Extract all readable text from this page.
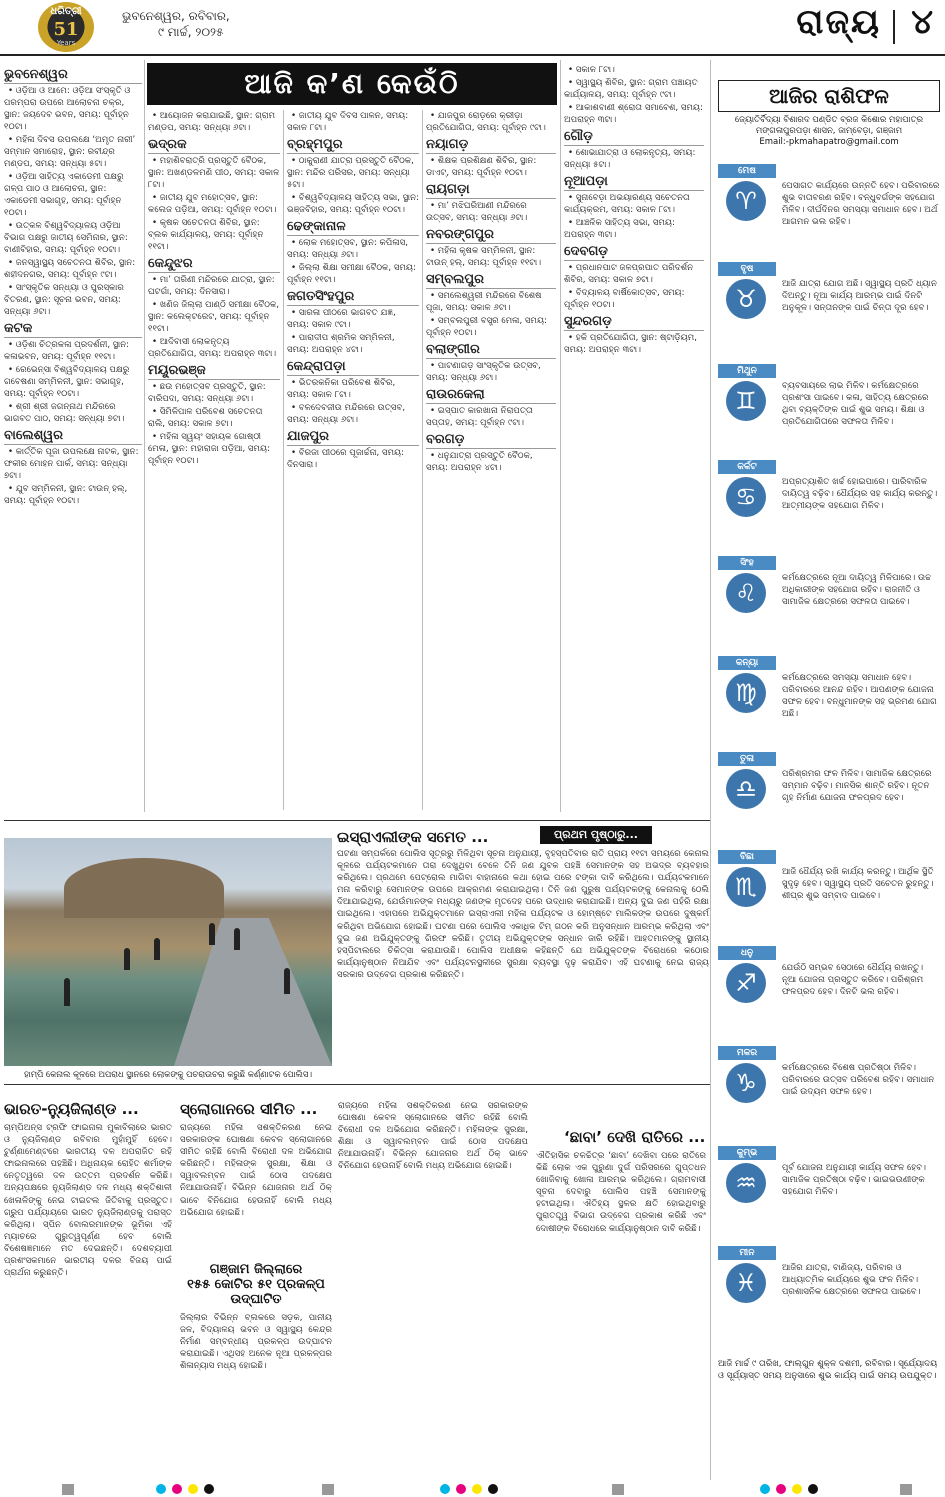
ଧରିତ୍ରୀ
51
Years
ଭୁବନେଶ୍ୱର, ରବିବାର,
୯ ମାର୍ଚ୍ଚ, ୨୦୨୫	ରାଜ୍ୟ ୪
ଆଜି କ’ଣ କେଉଁଠି
ଭୁବନେଶ୍ୱର

• ଓଡ଼ିଆ ଓ ଆମେ: ଓଡ଼ିଆ ସଂସ୍କୃତି ଓ ପରମ୍ପରା ଉପରେ ଆଲୋଚନା ଚକ୍ର, ସ୍ଥାନ: ଜୟଦେବ ଭବନ, ସମୟ: ପୂର୍ବାହ୍ନ ୧୦ଟା।

• ମହିଳା ଦିବସ ଉପଲକ୍ଷେ ‘ଅମୃତ ନାରୀ’ ସମ୍ମାନ ସମାରୋହ, ସ୍ଥାନ: ରବୀନ୍ଦ୍ର ମଣ୍ଡପ, ସମୟ: ସନ୍ଧ୍ୟା ୫ଟା।

• ଓଡ଼ିଆ ସାହିତ୍ୟ ଏକାଡେମୀ ପକ୍ଷରୁ ଗଳ୍ପ ପାଠ ଓ ଆଲୋଚନା, ସ୍ଥାନ: ଏକାଡେମୀ ସଭାଗୃହ, ସମୟ: ପୂର୍ବାହ୍ନ ୧୦ଟା।

• ଉତ୍କଳ ବିଶ୍ୱବିଦ୍ୟାଳୟ ଓଡ଼ିଆ ବିଭାଗ ପକ୍ଷରୁ ଜାତୀୟ ସେମିନାର, ସ୍ଥାନ: ବାଣୀବିହାର, ସମୟ: ପୂର୍ବାହ୍ନ ୧୦ଟା।

• ଜନସ୍ୱାସ୍ଥ୍ୟ ସଚେତନତା ଶିବିର, ସ୍ଥାନ: ଶହୀଦନଗର, ସମୟ: ପୂର୍ବାହ୍ନ ୯ଟା।

• ସାଂସ୍କୃତିକ ସନ୍ଧ୍ୟା ଓ ପୁରସ୍କାର ବିତରଣ, ସ୍ଥାନ: ସୂଚନା ଭବନ, ସମୟ: ସନ୍ଧ୍ୟା ୬ଟା।

କଟକ

• ଓଡ଼ିଶା ଚିତ୍ରକଳା ପ୍ରଦର୍ଶନୀ, ସ୍ଥାନ: କଳାଭବନ, ସମୟ: ପୂର୍ବାହ୍ନ ୧୧ଟା।

• ରେଭେନ୍ସା ବିଶ୍ୱବିଦ୍ୟାଳୟ ପକ୍ଷରୁ ଗବେଷଣା ସମ୍ମିଳନୀ, ସ୍ଥାନ: ସଭାଗୃହ, ସମୟ: ପୂର୍ବାହ୍ନ ୧୦ଟା।

• ଶ୍ରୀ ଶ୍ରୀ ଜଗନ୍ନାଥ ମନ୍ଦିରରେ ଭାଗବତ ପାଠ, ସମୟ: ସନ୍ଧ୍ୟା ୭ଟା।

ବାଲେଶ୍ୱର

• କାର୍ତ୍ତିକ ପୂଜା ଉପଲକ୍ଷେ ନାଟକ, ସ୍ଥାନ: ଫକୀର ମୋହନ ପାର୍କ, ସମୟ: ସନ୍ଧ୍ୟା ୭ଟା।

• ଯୁବ ସମ୍ମିଳନୀ, ସ୍ଥାନ: ଟାଉନ୍ ହଲ୍, ସମୟ: ପୂର୍ବାହ୍ନ ୧୦ଟା।

• ଆୟୋଜନ କରାଯାଇଛି, ସ୍ଥାନ: ଗ୍ରାମ ମଣ୍ଡପ, ସମୟ: ସନ୍ଧ୍ୟା ୬ଟା।

ଭଦ୍ରକ

• ମହାଶିବରାତ୍ରି ପ୍ରସ୍ତୁତି ବୈଠକ, ସ୍ଥାନ: ଅଖଣ୍ଡଳମଣି ପୀଠ, ସମୟ: ସକାଳ ୮ଟା।

• ଜାତୀୟ ଯୁବ ମହୋତ୍ସବ, ସ୍ଥାନ: କଲେଜ ପଡ଼ିଆ, ସମୟ: ପୂର୍ବାହ୍ନ ୧୦ଟା।

• କୃଷକ ସଚେତନତା ଶିବିର, ସ୍ଥାନ: ବ୍ଲକ କାର୍ଯ୍ୟାଳୟ, ସମୟ: ପୂର୍ବାହ୍ନ ୧୧ଟା।

କେନ୍ଦୁଝର

• ମା’ ତାରିଣୀ ମନ୍ଦିରରେ ଯାତ୍ରା, ସ୍ଥାନ: ଘଟଗାଁ, ସମୟ: ଦିନସାରା।

• ଖଣିଜ ଜିଲ୍ଲା ପାଣ୍ଠି ସମୀକ୍ଷା ବୈଠକ, ସ୍ଥାନ: କଲେକ୍ଟରେଟ, ସମୟ: ପୂର୍ବାହ୍ନ ୧୧ଟା।

• ଆଦିବାସୀ ଲୋକନୃତ୍ୟ ପ୍ରତିଯୋଗିତା, ସମୟ: ଅପରାହ୍ନ ୩ଟା।

ମୟୂରଭଞ୍ଜ

• ଛଉ ମହୋତ୍ସବ ପ୍ରସ୍ତୁତି, ସ୍ଥାନ: ବାରିପଦା, ସମୟ: ସନ୍ଧ୍ୟା ୬ଟା।

• ସିମିଳିପାଳ ପରିବେଶ ସଚେତନତା ରାଲି, ସମୟ: ସକାଳ ୭ଟା।

• ମହିଳା ସ୍ୱୟଂ ସହାୟକ ଗୋଷ୍ଠୀ ମେଳା, ସ୍ଥାନ: ମହାରାଜା ପଡ଼ିଆ, ସମୟ: ପୂର୍ବାହ୍ନ ୧୦ଟା।

• ଜାତୀୟ ଯୁବ ଦିବସ ପାଳନ, ସମୟ: ସକାଳ ୮ଟା।

ବ୍ରହ୍ମପୁର

• ଠାକୁରାଣୀ ଯାତ୍ରା ପ୍ରସ୍ତୁତି ବୈଠକ, ସ୍ଥାନ: ମନ୍ଦିର ପରିସର, ସମୟ: ସନ୍ଧ୍ୟା ୫ଟା।

• ବିଶ୍ୱବିଦ୍ୟାଳୟ ସାହିତ୍ୟ ସଭା, ସ୍ଥାନ: ଭଞ୍ଜବିହାର, ସମୟ: ପୂର୍ବାହ୍ନ ୧୦ଟା।

ଢେଙ୍କାନାଳ

• ଲୋକ ମହୋତ୍ସବ, ସ୍ଥାନ: କପିଳାସ, ସମୟ: ସନ୍ଧ୍ୟା ୬ଟା।

• ଜିଲ୍ଲା ଶିକ୍ଷା ସମୀକ୍ଷା ବୈଠକ, ସମୟ: ପୂର୍ବାହ୍ନ ୧୧ଟା।

ଜଗତସିଂହପୁର

• ସାରଳା ପୀଠରେ ଭାଗବତ ଯଜ୍ଞ, ସମୟ: ସକାଳ ୯ଟା।

• ପାରାଦୀପ ଶ୍ରମିକ ସମ୍ମିଳନୀ, ସମୟ: ଅପରାହ୍ନ ୪ଟା।

କେନ୍ଦ୍ରାପଡ଼ା

• ଭିତରକନିକା ପରିବେଶ ଶିବିର, ସମୟ: ସକାଳ ୮ଟା।

• ବଳଦେବଜୀଉ ମନ୍ଦିରରେ ଉତ୍ସବ, ସମୟ: ସନ୍ଧ୍ୟା ୬ଟା।

ଯାଜପୁର

• ବିରଜା ପୀଠରେ ପୂଜାର୍ଚ୍ଚନା, ସମୟ: ଦିନସାରା।

• ଯାଜପୁର ରୋଡ଼ରେ କ୍ରୀଡ଼ା ପ୍ରତିଯୋଗିତା, ସମୟ: ପୂର୍ବାହ୍ନ ୯ଟା।

ନୟାଗଡ଼

• ଶିକ୍ଷକ ପ୍ରଶିକ୍ଷଣ ଶିବିର, ସ୍ଥାନ: ଡାଏଟ୍, ସମୟ: ପୂର୍ବାହ୍ନ ୧୦ଟା।

ରାୟଗଡ଼ା

• ମା’ ମଝିଘରିଆଣୀ ମନ୍ଦିରରେ ଉତ୍ସବ, ସମୟ: ସନ୍ଧ୍ୟା ୬ଟା।

ନବରଙ୍ଗପୁର

• ମହିଳା କୃଷକ ସମ୍ମିଳନୀ, ସ୍ଥାନ: ଟାଉନ୍ ହଲ୍, ସମୟ: ପୂର୍ବାହ୍ନ ୧୧ଟା।

ସମ୍ବଲପୁର

• ସମଲେଶ୍ୱରୀ ମନ୍ଦିରରେ ବିଶେଷ ପୂଜା, ସମୟ: ସକାଳ ୬ଟା।

• ସମ୍ବଲପୁରୀ ବସ୍ତ୍ର ମେଳା, ସମୟ: ପୂର୍ବାହ୍ନ ୧୦ଟା।

ବଲାଙ୍ଗୀର

• ପାଟଣାଗଡ଼ ସାଂସ୍କୃତିକ ଉତ୍ସବ, ସମୟ: ସନ୍ଧ୍ୟା ୬ଟା।

ରାଉରକେଲା

• ଇସ୍ପାତ କାରଖାନା ନିରାପତ୍ତା ସପ୍ତାହ, ସମୟ: ପୂର୍ବାହ୍ନ ୯ଟା।

ବରଗଡ଼

• ଧନୁଯାତ୍ରା ପ୍ରସ୍ତୁତି ବୈଠକ, ସମୟ: ଅପରାହ୍ନ ୪ଟା।

• ସକାଳ ୮ଟା।

• ସ୍ୱାସ୍ଥ୍ୟ ଶିବିର, ସ୍ଥାନ: ଗ୍ରାମ ପଞ୍ଚାୟତ କାର୍ଯ୍ୟାଳୟ, ସମୟ: ପୂର୍ବାହ୍ନ ୯ଟା।

• ଆକାଶବାଣୀ ଶ୍ରୋତା ସମାବେଶ, ସମୟ: ଅପରାହ୍ନ ୩ଟା।

ଗୌଡ଼

• ଶୋଭାଯାତ୍ରା ଓ ଲୋକନୃତ୍ୟ, ସମୟ: ସନ୍ଧ୍ୟା ୫ଟା।

ନୂଆପଡ଼ା

• ସୁନାବେଡ଼ା ଅଭୟାରଣ୍ୟ ସଚେତନତା କାର୍ଯ୍ୟକ୍ରମ, ସମୟ: ସକାଳ ୮ଟା।

• ଆଞ୍ଚଳିକ ସାହିତ୍ୟ ସଭା, ସମୟ: ଅପରାହ୍ନ ୩ଟା।

ଦେବଗଡ଼

• ପ୍ରଧାନପାଟ ଜଳପ୍ରପାତ ପରିଦର୍ଶନ ଶିବିର, ସମୟ: ସକାଳ ୭ଟା।

• ବିଦ୍ୟାଳୟ ବାର୍ଷିକୋତ୍ସବ, ସମୟ: ପୂର୍ବାହ୍ନ ୧୦ଟା।

ସୁନ୍ଦରଗଡ଼

• ହକି ପ୍ରତିଯୋଗିତା, ସ୍ଥାନ: ଷ୍ଟାଡ଼ିୟମ, ସମୟ: ଅପରାହ୍ନ ୩ଟା।

ଆଜିର ରାଶିଫଳ
ଜ୍ୟୋତିର୍ବିଦ୍ୟା ବିଶାରଦ ପଣ୍ଡିତ ବ୍ରଜ କିଶୋର ମହାପାତ୍ର
ମଙ୍ଗଳାପୁରପଡ଼ା ଶାସନ, ଜାମ୍ବେଡ଼ା, ଗଞ୍ଜାମ
Email:-pkmahapatro@gmail.com
ମେଷ
♈
ପେସାଗତ କାର୍ଯ୍ୟରେ ଉନ୍ନତି ହେବ। ପରିବାରରେ ଶୁଭ ବାତାବରଣ ରହିବ। ବନ୍ଧୁବର୍ଗଙ୍କ ସହଯୋଗ ମିଳିବ। ଦୀର୍ଘଦିନର ସମସ୍ୟା ସମାଧାନ ହେବ। ଅର୍ଥ ଆଗମନ ଭଲ ରହିବ।
ବୃଷ
♉
ଆଜି ଯାତ୍ରା ଯୋଗ ଅଛି। ସ୍ୱାସ୍ଥ୍ୟ ପ୍ରତି ଧ୍ୟାନ ଦିଅନ୍ତୁ। ନୂଆ କାର୍ଯ୍ୟ ଆରମ୍ଭ ପାଇଁ ଦିନଟି ଅନୁକୂଳ। ସନ୍ତାନଙ୍କ ପାଇଁ ଚିନ୍ତା ଦୂର ହେବ।
ମିଥୁନ
♊
ବ୍ୟବସାୟରେ ଲାଭ ମିଳିବ। କର୍ମକ୍ଷେତ୍ରରେ ପ୍ରଶଂସା ପାଇବେ। କଳା, ସାହିତ୍ୟ କ୍ଷେତ୍ରରେ ଥିବା ବ୍ୟକ୍ତିଙ୍କ ପାଇଁ ଶୁଭ ସମୟ। ଶିକ୍ଷା ଓ ପ୍ରତିଯୋଗିତାରେ ସଫଳତା ମିଳିବ।
କର୍କଟ
♋
ଅପ୍ରତ୍ୟାଶିତ ଖର୍ଚ୍ଚ ହୋଇପାରେ। ପାରିବାରିକ ଦାୟିତ୍ୱ ବଢ଼ିବ। ଧୈର୍ଯ୍ୟର ସହ କାର୍ଯ୍ୟ କରନ୍ତୁ। ଆତ୍ମୀୟଙ୍କ ସହଯୋଗ ମିଳିବ।
ସିଂହ
♌
କର୍ମକ୍ଷେତ୍ରରେ ନୂଆ ଦାୟିତ୍ୱ ମିଳିପାରେ। ଉଚ୍ଚ ଅଧିକାରୀଙ୍କ ସହଯୋଗ ରହିବ। ରାଜନୀତି ଓ ସାମାଜିକ କ୍ଷେତ୍ରରେ ସଫଳତା ପାଇବେ।
କନ୍ୟା
♍
କର୍ମକ୍ଷେତ୍ରରେ ସମସ୍ୟା ସମାଧାନ ହେବ। ପରିବାରରେ ଆନନ୍ଦ ରହିବ। ଆପଣଙ୍କ ଯୋଜନା ସଫଳ ହେବ। ବନ୍ଧୁମାନଙ୍କ ସହ ଭ୍ରମଣ ଯୋଗ ଅଛି।
ତୁଳା
♎
ପରିଶ୍ରମର ଫଳ ମିଳିବ। ସାମାଜିକ କ୍ଷେତ୍ରରେ ସମ୍ମାନ ବଢ଼ିବ। ମାନସିକ ଶାନ୍ତି ରହିବ। ନୂତନ ଗୃହ ନିର୍ମାଣ ଯୋଜନା ଫଳପ୍ରଦ ହେବ।
ବିଛା
♏
ଆଜି ଧୈର୍ଯ୍ୟ ରଖି କାର୍ଯ୍ୟ କରନ୍ତୁ। ଆର୍ଥିକ ସ୍ଥିତି ସୁଦୃଢ଼ ହେବ। ସ୍ୱାସ୍ଥ୍ୟ ପ୍ରତି ସଚେତନ ରୁହନ୍ତୁ। ଶୀଘ୍ର ଶୁଭ ସମ୍ବାଦ ପାଇବେ।
ଧନୁ
♐
ଯେଉଁଠି ସମ୍ଭବ ସେଠାରେ ଧୈର୍ଯ୍ୟ ରଖନ୍ତୁ। ନୂଆ ଯୋଜନା ପ୍ରସ୍ତୁତ କରିବେ। ପରିଶ୍ରମ ଫଳପ୍ରଦ ହେବ। ଦିନଟି ଭଲ ରହିବ।
ମକର
♑
କର୍ମକ୍ଷେତ୍ରରେ ବିଶେଷ ପ୍ରତିଷ୍ଠା ମିଳିବ। ପରିବାରରେ ଉତ୍ସବ ପରିବେଶ ରହିବ। ସମାଧାନ ପାଇଁ ଉଦ୍ୟମ ସଫଳ ହେବ।
କୁମ୍ଭ
♒
ପୂର୍ବ ଯୋଜନା ଅନୁଯାୟୀ କାର୍ଯ୍ୟ ସଫଳ ହେବ। ସାମାଜିକ ପ୍ରତିଷ୍ଠା ବଢ଼ିବ। ଭାଇଭଉଣୀଙ୍କ ସହଯୋଗ ମିଳିବ।
ମୀନ
♓
ଆଜିର ଯାତ୍ରା, ବାଣିଜ୍ୟ, ପରିବାର ଓ ଆଧ୍ୟାତ୍ମିକ କାର୍ଯ୍ୟରେ ଶୁଭ ଫଳ ମିଳିବ। ପ୍ରଶାସନିକ କ୍ଷେତ୍ରରେ ସଫଳତା ପାଇବେ।
ଆଜି ମାର୍ଚ୍ଚ ୯ ତାରିଖ, ଫାଲ୍ଗୁନ ଶୁକ୍ଳ ଦଶମୀ, ରବିବାର। ସୂର୍ଯ୍ୟୋଦୟ ଓ ସୂର୍ଯ୍ୟାସ୍ତ ସମୟ ଅନୁସାରେ ଶୁଭ କାର୍ଯ୍ୟ ପାଇଁ ସମୟ ଉପଯୁକ୍ତ।
ହାମ୍ପି କେନାଲ କୂଳରେ ଅପରାଧ ସ୍ଥାନରେ ଲୋକଙ୍କୁ ପଚରାଉଚରା କରୁଛି କର୍ଣ୍ଣାଟକ ପୋଲିସ।
ଇସ୍ରାଏଲୀଙ୍କ ସମେତ ...	ପ୍ରଥମ ପୃଷ୍ଠାରୁ...
ଘଟଣା ସମ୍ପର୍କରେ ପୋଲିସ ସୂତ୍ରରୁ ମିଳିଥିବା ସୂଚନା ଅନୁଯାୟୀ, ବୃହସ୍ପତିବାର ରାତି ପ୍ରାୟ ୧୧ଟା ସମୟରେ କେନାଲ କୂଳରେ ପର୍ଯ୍ୟଟକମାନେ ତାରା ଦେଖୁଥିବା ବେଳେ ତିନି ଜଣ ଯୁବକ ପହଞ୍ଚି ସେମାନଙ୍କ ସହ ଅଭଦ୍ର ବ୍ୟବହାର କରିଥିଲେ। ପ୍ରଥମେ ପେଟ୍ରୋଲ ମାଗିବା ବାହାନାରେ କଥା ହୋଇ ପରେ ଟଙ୍କା ଦାବି କରିଥିଲେ। ପର୍ଯ୍ୟଟକମାନେ ମନା କରିବାରୁ ସେମାନଙ୍କ ଉପରେ ଆକ୍ରମଣ କରାଯାଇଥିଲା। ତିନି ଜଣ ପୁରୁଷ ପର୍ଯ୍ୟଟକଙ୍କୁ କେନାଲକୁ ଠେଲି ଦିଆଯାଇଥିଲା, ଯେଉଁମାନଙ୍କ ମଧ୍ୟରୁ ଜଣଙ୍କ ମୃତଦେହ ପରେ ଉଦ୍ଧାର କରାଯାଇଛି। ଅନ୍ୟ ଦୁଇ ଜଣ ପହଁରି ରକ୍ଷା ପାଇଥିଲେ। ଏହାପରେ ଅଭିଯୁକ୍ତମାନେ ଇସ୍ରାଏଲୀ ମହିଳା ପର୍ଯ୍ୟଟକ ଓ ହୋମ୍‌ଷ୍ଟେ ମାଲିକଙ୍କ ଉପରେ ଦୁଷ୍କର୍ମ କରିଥିବା ଅଭିଯୋଗ ହୋଇଛି। ଘଟଣା ପରେ ପୋଲିସ ଏକାଧିକ ଟିମ୍ ଗଠନ କରି ଅନୁସନ୍ଧାନ ଆରମ୍ଭ କରିଥିଲା ଏବଂ ଦୁଇ ଜଣ ଅଭିଯୁକ୍ତଙ୍କୁ ଗିରଫ କରିଛି। ତୃତୀୟ ଅଭିଯୁକ୍ତଙ୍କ ସନ୍ଧାନ ଜାରି ରହିଛି। ଆହତମାନଙ୍କୁ ସ୍ଥାନୀୟ ହସ୍ପିଟାଲରେ ଚିକିତ୍ସା କରାଯାଉଛି। ପୋଲିସ ଅଧୀକ୍ଷକ କହିଛନ୍ତି ଯେ ଅଭିଯୁକ୍ତଙ୍କ ବିରୋଧରେ କଠୋର କାର୍ଯ୍ୟାନୁଷ୍ଠାନ ନିଆଯିବ ଏବଂ ପର୍ଯ୍ୟଟନସ୍ଥଳୀରେ ସୁରକ୍ଷା ବ୍ୟବସ୍ଥା ଦୃଢ଼ କରାଯିବ। ଏହି ଘଟଣାକୁ ନେଇ ରାଜ୍ୟ ସରକାର ଉଦ୍‌ବେଗ ପ୍ରକାଶ କରିଛନ୍ତି।
ଭାରତ-ନ୍ୟୁଜିଲାଣ୍ଡ ...
ଚାମ୍ପିଅନ୍ସ ଟ୍ରଫି ଫାଇନାଲ ମୁକାବିଲାରେ ଭାରତ ଓ ନ୍ୟୁଜିଲାଣ୍ଡ ରବିବାର ମୁହାଁମୁହିଁ ହେବେ। ଟୁର୍ଣ୍ଣାମେଣ୍ଟରେ ଭାରତୀୟ ଦଳ ଅପରାଜିତ ରହି ଫାଇନାଲରେ ପହଞ୍ଚିଛି। ଅଧିନାୟକ ରୋହିତ ଶର୍ମାଙ୍କ ନେତୃତ୍ୱରେ ଦଳ ଉତ୍ତମ ପ୍ରଦର୍ଶନ କରିଛି। ଅନ୍ୟପକ୍ଷରେ ନ୍ୟୁଜିଲାଣ୍ଡ ଦଳ ମଧ୍ୟ ଶକ୍ତିଶାଳୀ ଖେଳାଳିଙ୍କୁ ନେଇ ଟାଇଟଲ ଜିତିବାକୁ ପ୍ରସ୍ତୁତ। ଗ୍ରୁପ ପର୍ଯ୍ୟାୟରେ ଭାରତ ନ୍ୟୁଜିଲାଣ୍ଡକୁ ପରାସ୍ତ କରିଥିଲା। ସ୍ପିନ ବୋଲରମାନଙ୍କ ଭୂମିକା ଏହି ମ୍ୟାଚରେ ଗୁରୁତ୍ୱପୂର୍ଣ୍ଣ ହେବ ବୋଲି ବିଶେଷଜ୍ଞମାନେ ମତ ଦେଇଛନ୍ତି। ଦେଶବ୍ୟାପୀ ପ୍ରଶଂସକମାନେ ଭାରତୀୟ ଦଳର ବିଜୟ ପାଇଁ ପ୍ରାର୍ଥନା କରୁଛନ୍ତି।
ସ୍ଲୋଗାନରେ ସୀମିତ ...
ରାଜ୍ୟରେ ମହିଳା ସଶକ୍ତିକରଣ ନେଇ ସରକାରଙ୍କ ଘୋଷଣା କେବଳ ସ୍ଲୋଗାନରେ ସୀମିତ ରହିଛି ବୋଲି ବିରୋଧୀ ଦଳ ଅଭିଯୋଗ କରିଛନ୍ତି। ମହିଳାଙ୍କ ସୁରକ୍ଷା, ଶିକ୍ଷା ଓ ସ୍ୱାବଲମ୍ବନ ପାଇଁ ଠୋସ ପଦକ୍ଷେପ ନିଆଯାଉନାହିଁ। ବିଭିନ୍ନ ଯୋଜନାର ଅର୍ଥ ଠିକ୍ ଭାବେ ବିନିଯୋଗ ହେଉନାହିଁ ବୋଲି ମଧ୍ୟ ଅଭିଯୋଗ ହୋଇଛି।
ଗଞ୍ଜାମ ଜିଲ୍ଲାରେ
୧୫୫ କୋଟିର ୫୧ ପ୍ରକଳ୍ପ ଉଦ୍‌ଘାଟିତ
ଜିଲ୍ଲାର ବିଭିନ୍ନ ବ୍ଲକରେ ସଡ଼କ, ପାନୀୟ ଜଳ, ବିଦ୍ୟାଳୟ ଭବନ ଓ ସ୍ୱାସ୍ଥ୍ୟ କେନ୍ଦ୍ର ନିର୍ମାଣ ସମ୍ବନ୍ଧୀୟ ପ୍ରକଳ୍ପ ଉଦ୍‌ଘାଟନ କରାଯାଇଛି। ଏଥିସହ ଅନେକ ନୂଆ ପ୍ରକଳ୍ପର ଶିଳାନ୍ୟାସ ମଧ୍ୟ ହୋଇଛି।
ରାଜ୍ୟରେ ମହିଳା ସଶକ୍ତିକରଣ ନେଇ ସରକାରଙ୍କ ଘୋଷଣା କେବଳ ସ୍ଲୋଗାନରେ ସୀମିତ ରହିଛି ବୋଲି ବିରୋଧୀ ଦଳ ଅଭିଯୋଗ କରିଛନ୍ତି। ମହିଳାଙ୍କ ସୁରକ୍ଷା, ଶିକ୍ଷା ଓ ସ୍ୱାବଲମ୍ବନ ପାଇଁ ଠୋସ ପଦକ୍ଷେପ ନିଆଯାଉନାହିଁ। ବିଭିନ୍ନ ଯୋଜନାର ଅର୍ଥ ଠିକ୍ ଭାବେ ବିନିଯୋଗ ହେଉନାହିଁ ବୋଲି ମଧ୍ୟ ଅଭିଯୋଗ ହୋଇଛି।
‘ଛାବା’ ଦେଖି ରାତିରେ ...
ଐତିହାସିକ ଚଳଚ୍ଚିତ୍ର ‘ଛାବା’ ଦେଖିବା ପରେ ରାତିରେ କିଛି ଲୋକ ଏକ ପୁରୁଣା ଦୁର୍ଗ ପରିସରରେ ଗୁପ୍ତଧନ ଖୋଜିବାକୁ ଖୋଳା ଆରମ୍ଭ କରିଥିଲେ। ଗ୍ରାମବାସୀ ସୂଚନା ଦେବାରୁ ପୋଲିସ ପହଞ୍ଚି ସେମାନଙ୍କୁ ହଟାଇଥିଲା। ଐତିହ୍ୟ ସ୍ଥଳର କ୍ଷତି ହୋଇଥିବାରୁ ପୁରାତତ୍ତ୍ୱ ବିଭାଗ ଉଦ୍‌ବେଗ ପ୍ରକାଶ କରିଛି ଏବଂ ଦୋଷୀଙ୍କ ବିରୋଧରେ କାର୍ଯ୍ୟାନୁଷ୍ଠାନ ଦାବି କରିଛି।
